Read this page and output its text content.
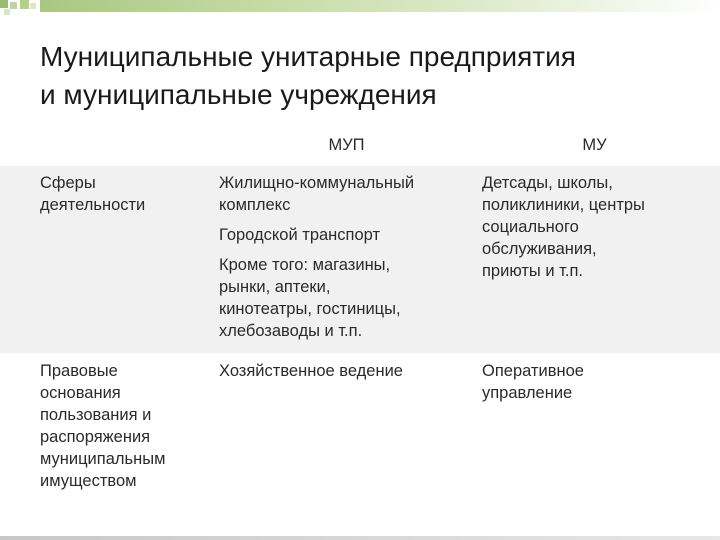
Муниципальные унитарные предприятия
и муниципальные учреждения
МУП	МУ
Сферы
деятельности
Жилищно-коммунальный
комплекс
Городской транспорт
Кроме того: магазины,
рынки, аптеки,
кинотеатры, гостиницы,
хлебозаводы и т.п.
Детсады, школы,
поликлиники, центры
социального
обслуживания,
приюты и т.п.
Правовые
основания
пользования и
распоряжения
муниципальным
имуществом
Хозяйственное ведение	Оперативное
управление
